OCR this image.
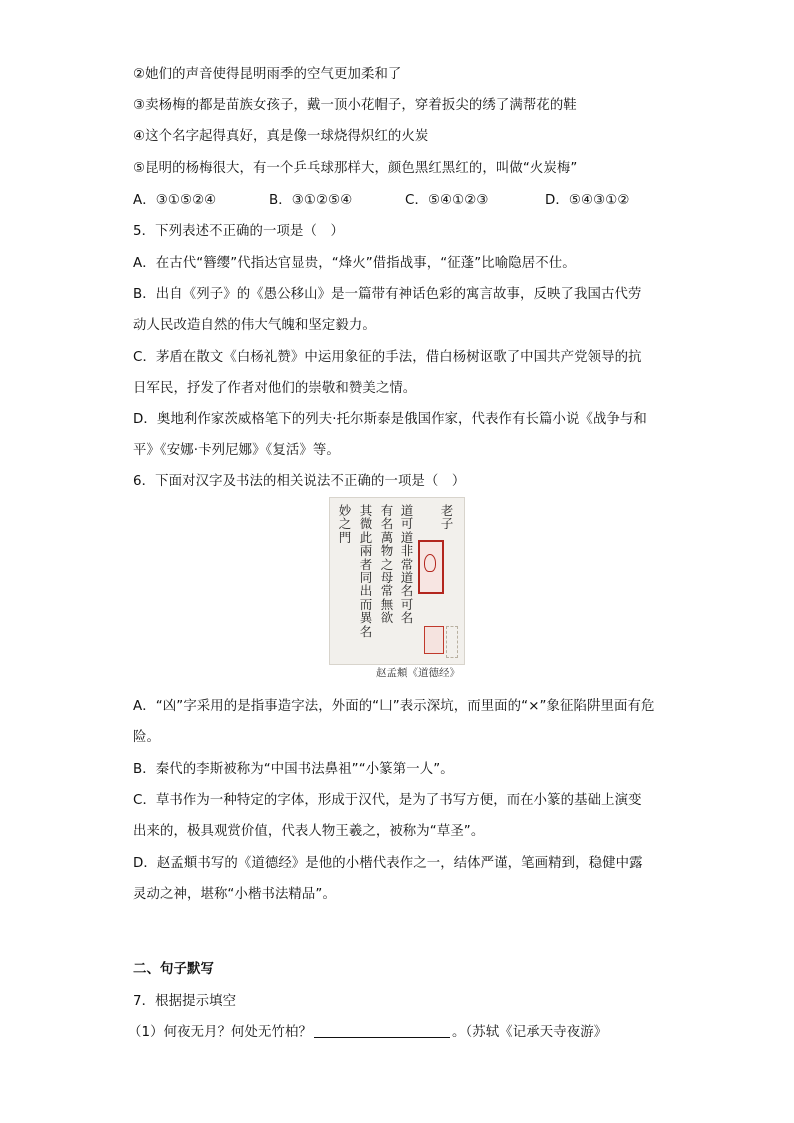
②她们的声音使得昆明雨季的空气更加柔和了
③卖杨梅的都是苗族女孩子，戴一顶小花帽子，穿着扳尖的绣了满帮花的鞋
④这个名字起得真好，真是像一球烧得炽红的火炭
⑤昆明的杨梅很大，有一个乒乓球那样大，颜色黑红黑红的，叫做“火炭梅”
A．③①⑤②④	B．③①②⑤④	C．⑤④①②③	D．⑤④③①②
5．下列表述不正确的一项是（　）
A．在古代“簪缨”代指达官显贵，“烽火”借指战事，“征蓬”比喻隐居不仕。
B．出自《列子》的《愚公移山》是一篇带有神话色彩的寓言故事，反映了我国古代劳
动人民改造自然的伟大气魄和坚定毅力。
C．茅盾在散文《白杨礼赞》中运用象征的手法，借白杨树讴歌了中国共产党领导的抗
日军民，抒发了作者对他们的崇敬和赞美之情。
D．奥地利作家茨威格笔下的列夫·托尔斯泰是俄国作家，代表作有长篇小说《战争与和
平》《安娜·卡列尼娜》《复活》等。
6．下面对汉字及书法的相关说法不正确的一项是（　）
老子
道可道非常道名可名
有名萬物之母常無欲
其微此兩者同出而異名
妙之門
赵孟頫《道德经》
A．“凶”字采用的是指事造字法，外面的“凵”表示深坑，而里面的“×”象征陷阱里面有危
险。
B．秦代的李斯被称为“中国书法鼻祖”“小篆第一人”。
C．草书作为一种特定的字体，形成于汉代，是为了书写方便，而在小篆的基础上演变
出来的，极具观赏价值，代表人物王羲之，被称为“草圣”。
D．赵孟頫书写的《道德经》是他的小楷代表作之一，结体严谨，笔画精到，稳健中露
灵动之神，堪称“小楷书法精品”。
二、句子默写
7．根据提示填空
（1）何夜无月？何处无竹柏？	。（苏轼《记承天寺夜游》
